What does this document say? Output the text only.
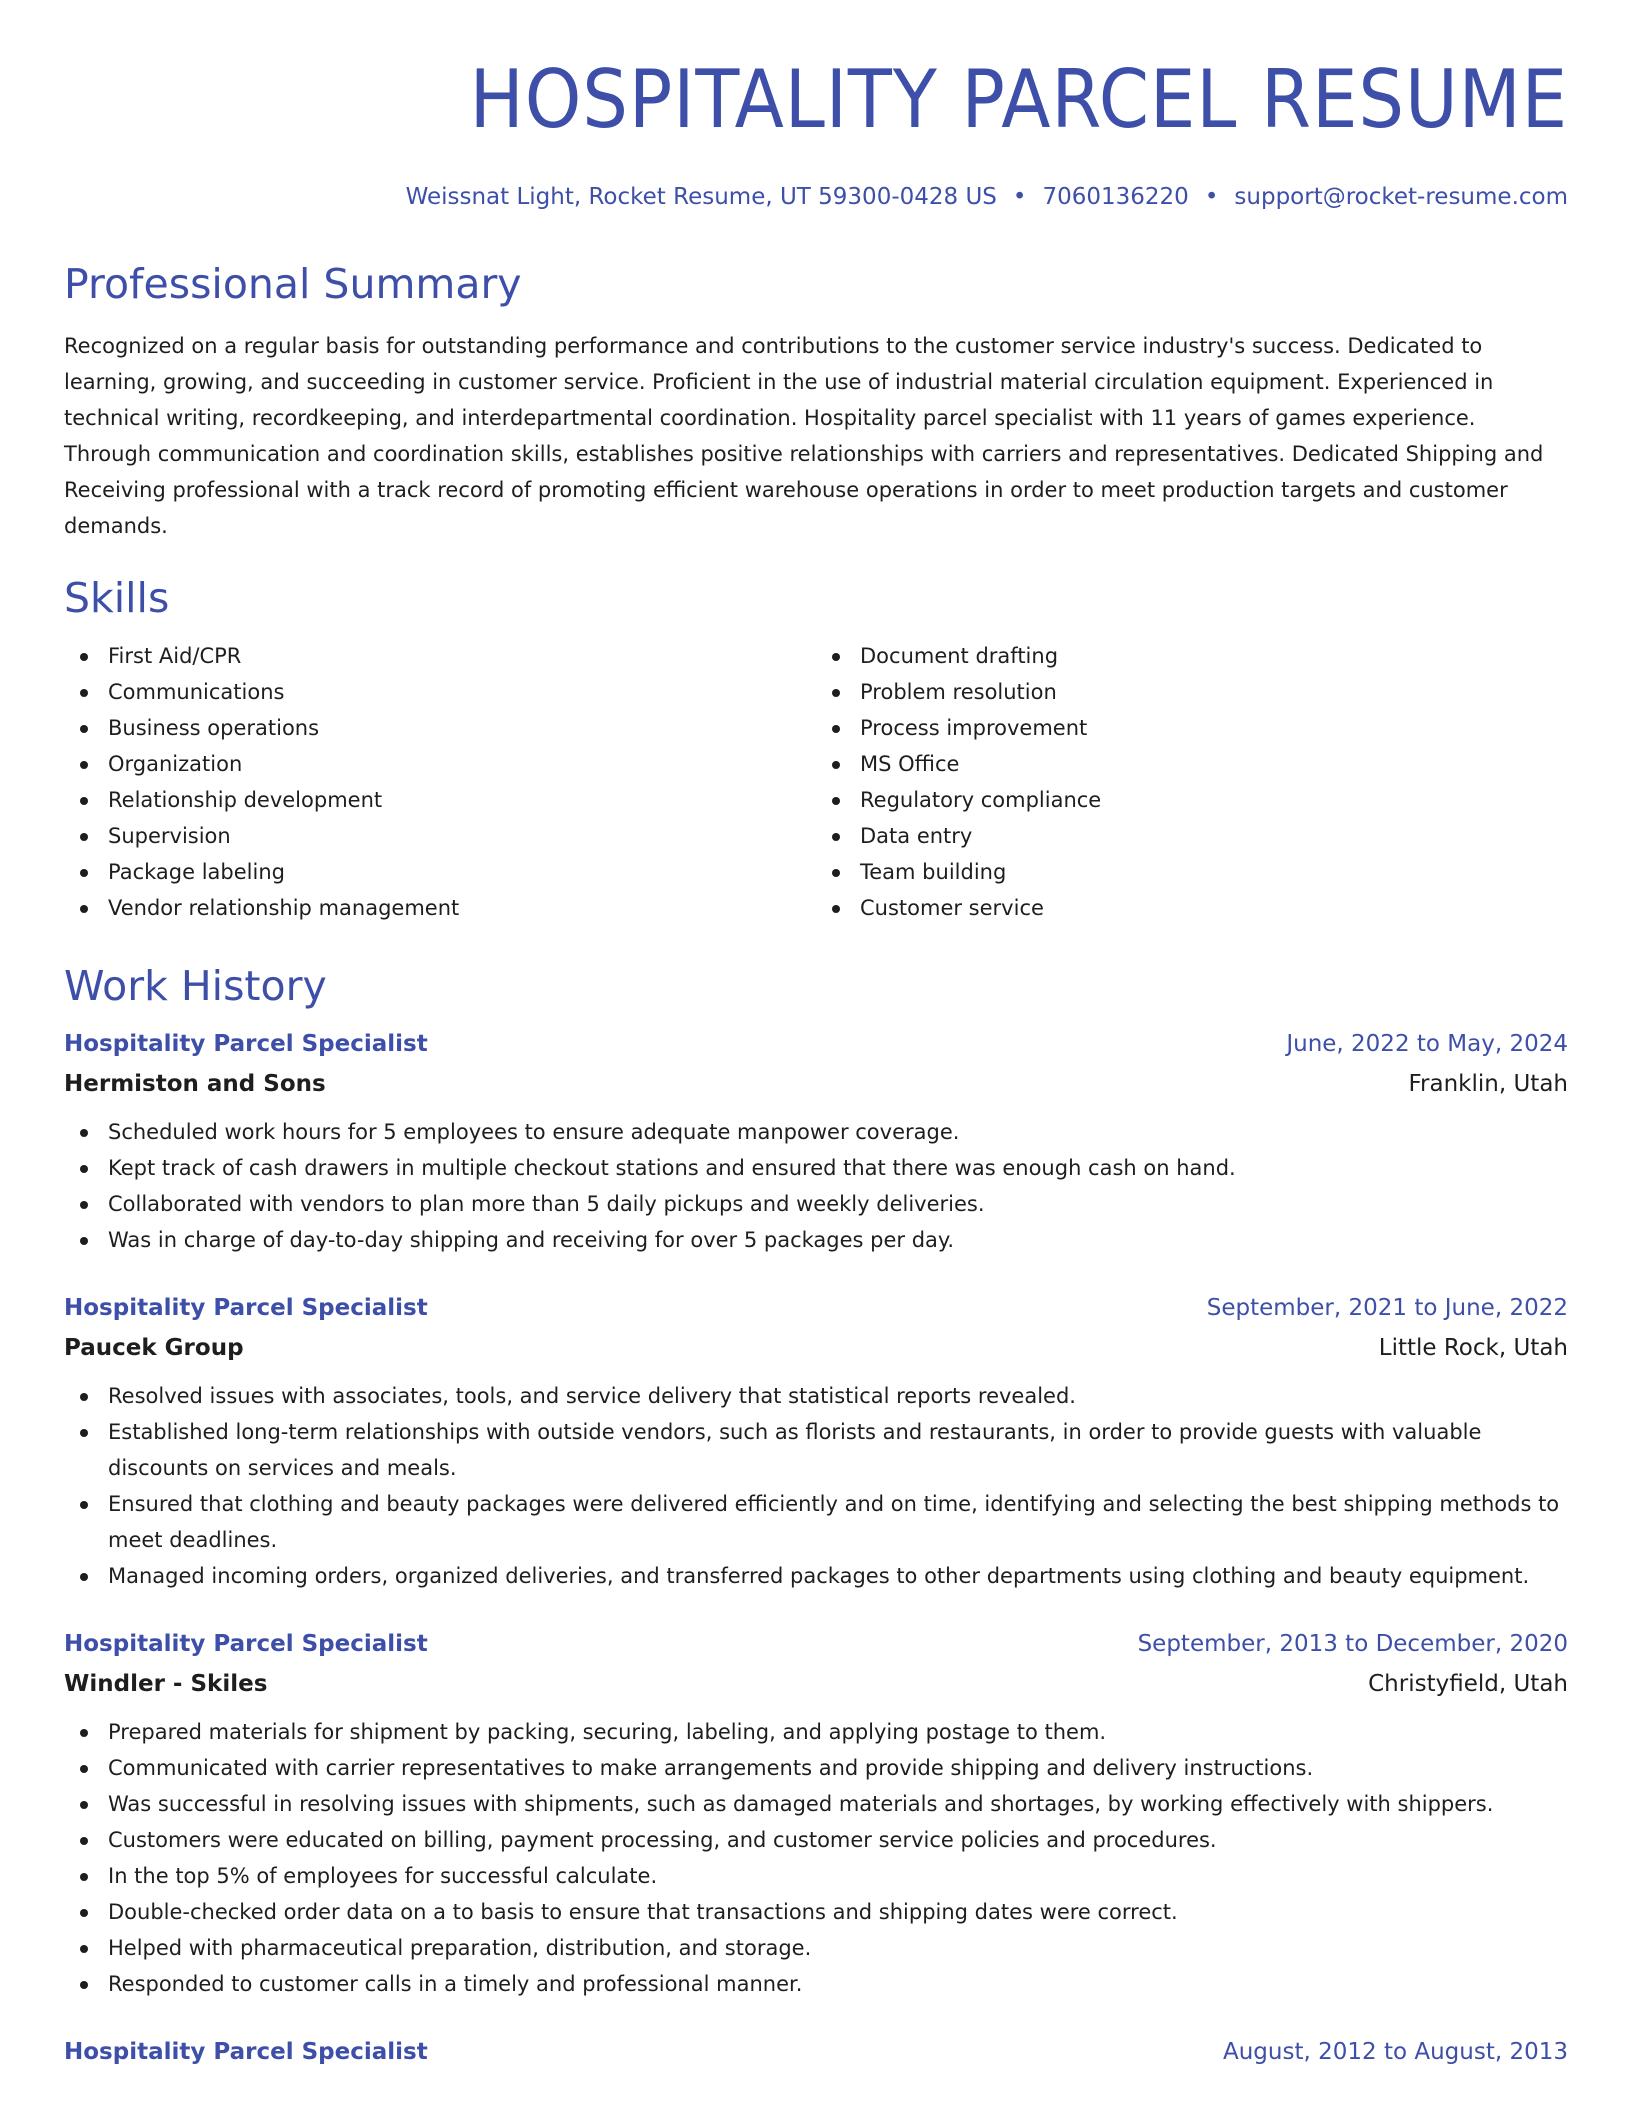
HOSPITALITY PARCEL RESUME
Weissnat Light, Rocket Resume, UT 59300-0428 US • 7060136220 • support@rocket-resume.com
Professional Summary

Recognized on a regular basis for outstanding performance and contributions to the customer service industry's success. Dedicated to learning, growing, and succeeding in customer service. Proficient in the use of industrial material circulation equipment. Experienced in technical writing, recordkeeping, and interdepartmental coordination. Hospitality parcel specialist with 11 years of games experience. Through communication and coordination skills, establishes positive relationships with carriers and representatives. Dedicated Shipping and Receiving professional with a track record of promoting efficient warehouse operations in order to meet production targets and customer demands.

Skills
First Aid/CPR
Communications
Business operations
Organization
Relationship development
Supervision
Package labeling
Vendor relationship management
Document drafting
Problem resolution
Process improvement
MS Office
Regulatory compliance
Data entry
Team building
Customer service
Work History
Hospitality Parcel Specialist	June, 2022 to May, 2024
Hermiston and Sons	Franklin, Utah
Scheduled work hours for 5 employees to ensure adequate manpower coverage.
Kept track of cash drawers in multiple checkout stations and ensured that there was enough cash on hand.
Collaborated with vendors to plan more than 5 daily pickups and weekly deliveries.
Was in charge of day-to-day shipping and receiving for over 5 packages per day.
Hospitality Parcel Specialist	September, 2021 to June, 2022
Paucek Group	Little Rock, Utah
Resolved issues with associates, tools, and service delivery that statistical reports revealed.
Established long-term relationships with outside vendors, such as florists and restaurants, in order to provide guests with valuable discounts on services and meals.
Ensured that clothing and beauty packages were delivered efficiently and on time, identifying and selecting the best shipping methods to meet deadlines.
Managed incoming orders, organized deliveries, and transferred packages to other departments using clothing and beauty equipment.
Hospitality Parcel Specialist	September, 2013 to December, 2020
Windler - Skiles	Christyfield, Utah
Prepared materials for shipment by packing, securing, labeling, and applying postage to them.
Communicated with carrier representatives to make arrangements and provide shipping and delivery instructions.
Was successful in resolving issues with shipments, such as damaged materials and shortages, by working effectively with shippers.
Customers were educated on billing, payment processing, and customer service policies and procedures.
In the top 5% of employees for successful calculate.
Double-checked order data on a to basis to ensure that transactions and shipping dates were correct.
Helped with pharmaceutical preparation, distribution, and storage.
Responded to customer calls in a timely and professional manner.
Hospitality Parcel Specialist	August, 2012 to August, 2013
